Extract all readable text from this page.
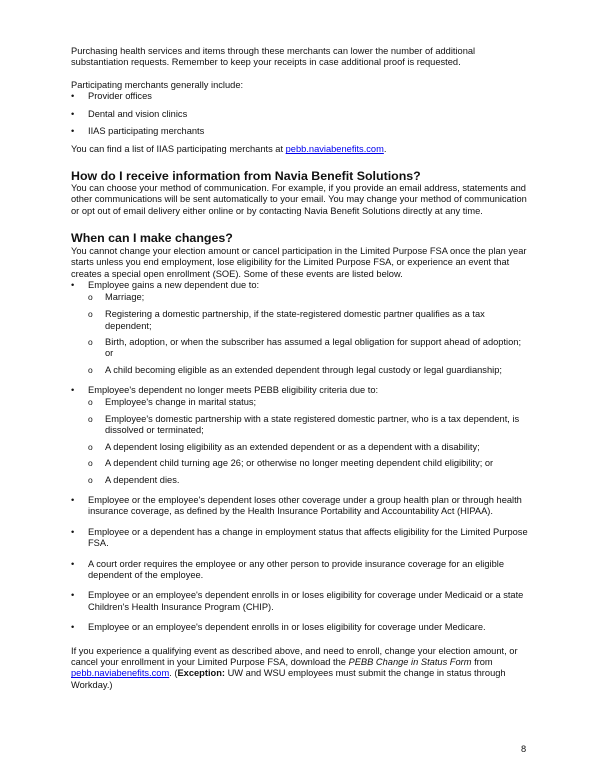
Purchasing health services and items through these merchants can lower the number of additional substantiation requests. Remember to keep your receipts in case additional proof is requested.

Participating merchants generally include:

• Provider offices
• Dental and vision clinics
• IIAS participating merchants

You can find a list of IIAS participating merchants at pebb.naviabenefits.com.

How do I receive information from Navia Benefit Solutions?

You can choose your method of communication. For example, if you provide an email address, statements and other communications will be sent automatically to your email. You may change your method of communication or opt out of email delivery either online or by contacting Navia Benefit Solutions directly at any time.

When can I make changes?

You cannot change your election amount or cancel participation in the Limited Purpose FSA once the plan year starts unless you end employment, lose eligibility for the Limited Purpose FSA, or experience an event that creates a special open enrollment (SOE). Some of these events are listed below.

• Employee gains a new dependent due to:
o Marriage;
o Registering a domestic partnership, if the state-registered domestic partner qualifies as a tax dependent;
o Birth, adoption, or when the subscriber has assumed a legal obligation for support ahead of adoption; or
o A child becoming eligible as an extended dependent through legal custody or legal guardianship;
• Employee's dependent no longer meets PEBB eligibility criteria due to:
o Employee's change in marital status;
o Employee's domestic partnership with a state registered domestic partner, who is a tax dependent, is dissolved or terminated;
o A dependent losing eligibility as an extended dependent or as a dependent with a disability;
o A dependent child turning age 26; or otherwise no longer meeting dependent child eligibility; or
o A dependent dies.
• Employee or the employee's dependent loses other coverage under a group health plan or through health insurance coverage, as defined by the Health Insurance Portability and Accountability Act (HIPAA).
• Employee or a dependent has a change in employment status that affects eligibility for the Limited Purpose FSA.
• A court order requires the employee or any other person to provide insurance coverage for an eligible dependent of the employee.
• Employee or an employee's dependent enrolls in or loses eligibility for coverage under Medicaid or a state Children's Health Insurance Program (CHIP).
• Employee or an employee's dependent enrolls in or loses eligibility for coverage under Medicare.

If you experience a qualifying event as described above, and need to enroll, change your election amount, or cancel your enrollment in your Limited Purpose FSA, download the PEBB Change in Status Form from pebb.naviabenefits.com. (Exception: UW and WSU employees must submit the change in status through Workday.)

8
